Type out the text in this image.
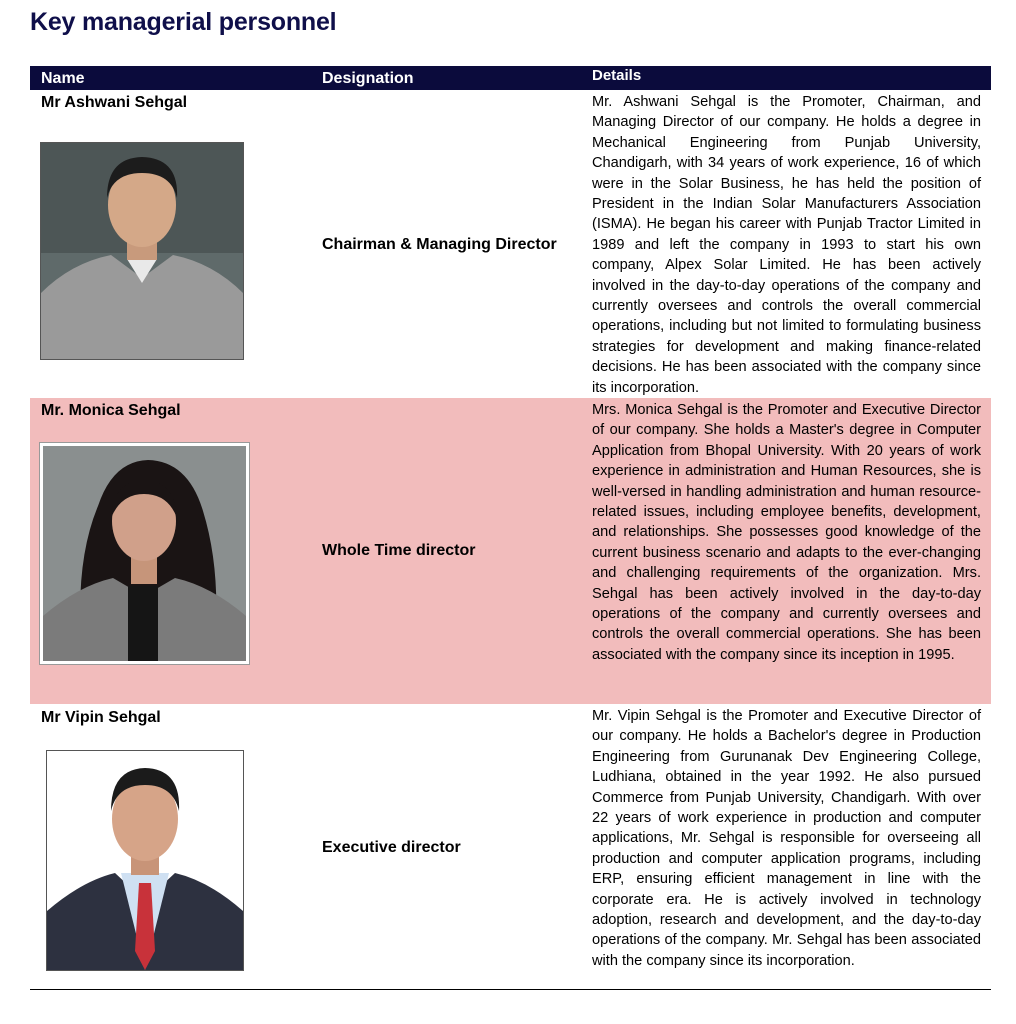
Key managerial personnel
Name	Designation	Details
Mr Ashwani Sehgal
Chairman & Managing Director
Mr. Ashwani Sehgal is the Promoter, Chairman, and Managing Director of our company. He holds a degree in Mechanical Engineering from Punjab University, Chandigarh, with 34 years of work experience, 16 of which were in the Solar Business, he has held the position of President in the Indian Solar Manufacturers Association (ISMA). He began his career with Punjab Tractor Limited in 1989 and left the company in 1993 to start his own company, Alpex Solar Limited. He has been actively involved in the day-to-day operations of the company and currently oversees and controls the overall commercial operations, including but not limited to formulating business strategies for development and making finance-related decisions. He has been associated with the company since its incorporation.
Mr. Monica Sehgal
Whole Time director
Mrs. Monica Sehgal is the Promoter and Executive Director of our company. She holds a Master's degree in Computer Application from Bhopal University. With 20 years of work experience in administration and Human Resources, she is well-versed in handling administration and human resource-related issues, including employee benefits, development, and relationships. She possesses good knowledge of the current business scenario and adapts to the ever-changing and challenging requirements of the organization. Mrs. Sehgal has been actively involved in the day-to-day operations of the company and currently oversees and controls the overall commercial operations. She has been associated with the company since its inception in 1995.
Mr Vipin Sehgal
Executive director
Mr. Vipin Sehgal is the Promoter and Executive Director of our company. He holds a Bachelor's degree in Production Engineering from Gurunanak Dev Engineering College, Ludhiana, obtained in the year 1992. He also pursued Commerce from Punjab University, Chandigarh. With over 22 years of work experience in production and computer applications, Mr. Sehgal is responsible for overseeing all production and computer application programs, including ERP, ensuring efficient management in line with the corporate era. He is actively involved in technology adoption, research and development, and the day-to-day operations of the company. Mr. Sehgal has been associated with the company since its incorporation.
